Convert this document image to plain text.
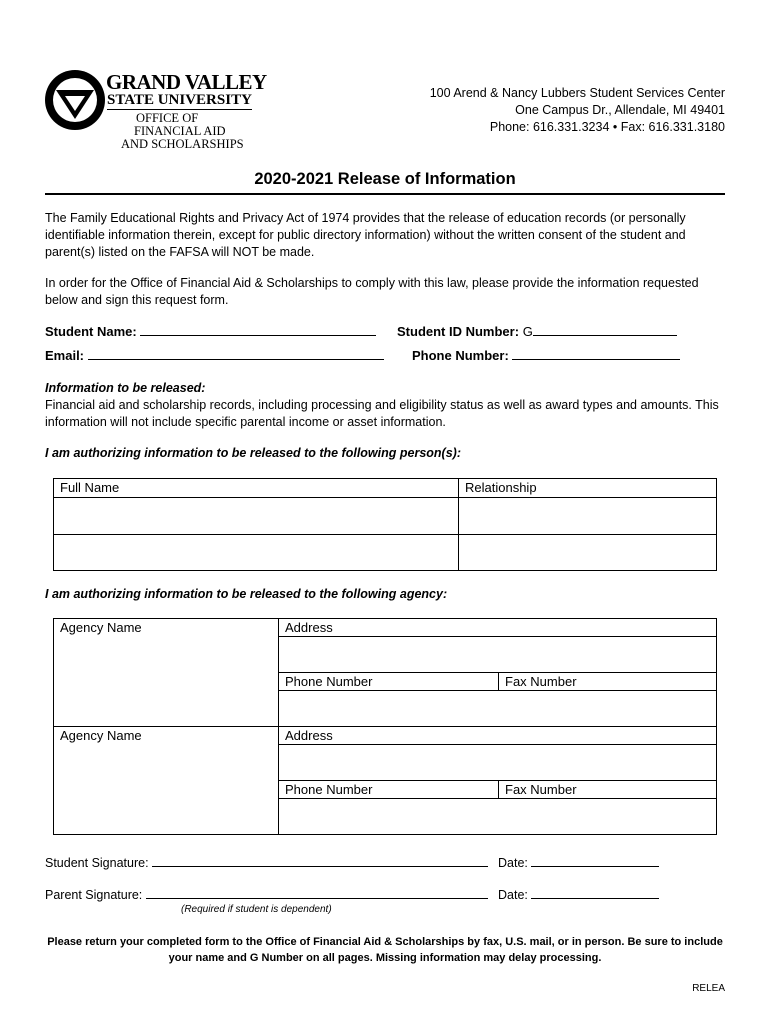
GRAND VALLEY
STATE UNIVERSITY
OFFICE OF
FINANCIAL AID
AND SCHOLARSHIPS
100 Arend & Nancy Lubbers Student Services Center
One Campus Dr., Allendale, MI 49401
Phone: 616.331.3234 • Fax: 616.331.3180
2020-2021 Release of Information
The Family Educational Rights and Privacy Act of 1974 provides that the release of education records (or personally identifiable information therein, except for public directory information) without the written consent of the student and parent(s) listed on the FAFSA will NOT be made.
In order for the Office of Financial Aid & Scholarships to comply with this law, please provide the information requested below and sign this request form.
Student Name:	Student ID Number: G
Email:	Phone Number:
Information to be released:
Financial aid and scholarship records, including processing and eligibility status as well as award types and amounts. This information will not include specific parental income or asset information.
I am authorizing information to be released to the following person(s):
Full Name	Relationship

I am authorizing information to be released to the following agency:
Agency Name	Address	

	Phone Number	Fax Number

Agency Name	Address	

	Phone Number	Fax Number

Student Signature:	Date:
Parent Signature:	Date:
(Required if student is dependent)
Please return your completed form to the Office of Financial Aid & Scholarships by fax, U.S. mail, or in person. Be sure to include your name and G Number on all pages. Missing information may delay processing.
RELEA
